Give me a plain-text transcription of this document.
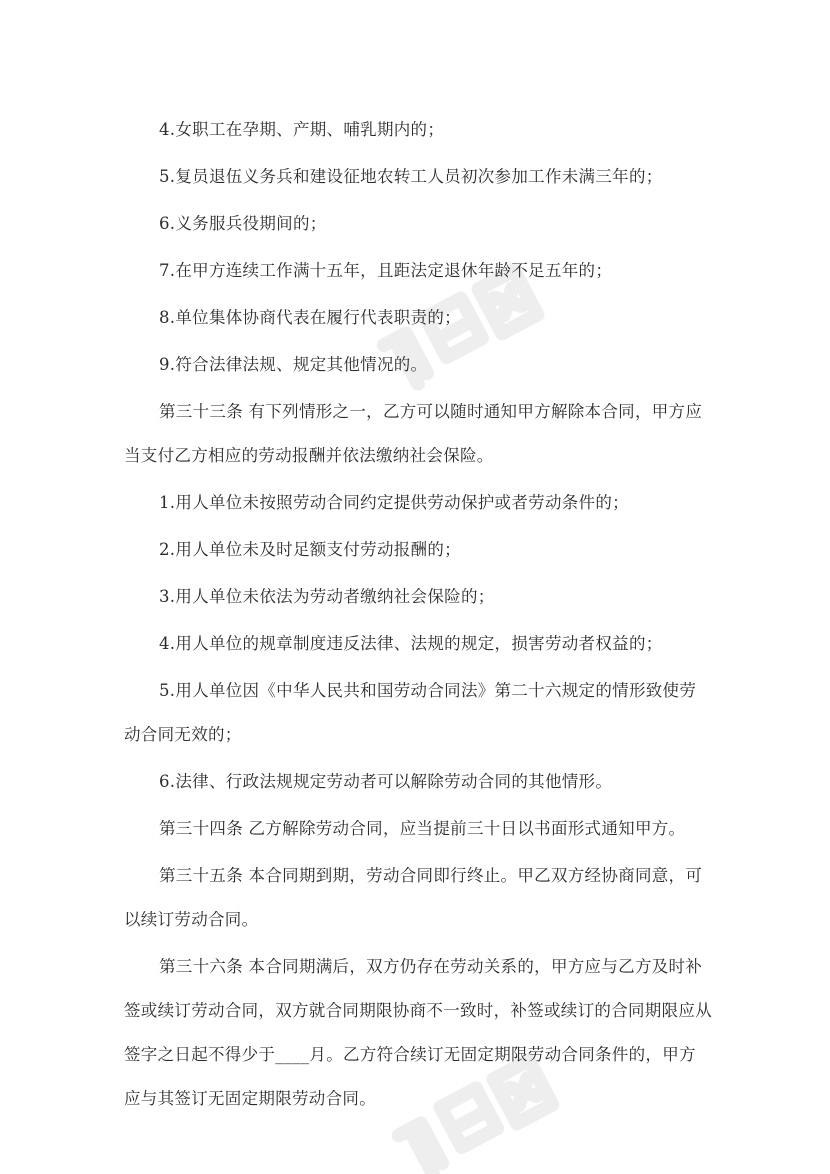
4.女职工在孕期、产期、哺乳期内的；

5.复员退伍义务兵和建设征地农转工人员初次参加工作未满三年的；

6.义务服兵役期间的；

7.在甲方连续工作满十五年，且距法定退休年龄不足五年的；

8.单位集体协商代表在履行代表职责的；

9.符合法律法规、规定其他情况的。

第三十三条 有下列情形之一，乙方可以随时通知甲方解除本合同，甲方应当支付乙方相应的劳动报酬并依法缴纳社会保险。

1.用人单位未按照劳动合同约定提供劳动保护或者劳动条件的；

2.用人单位未及时足额支付劳动报酬的；

3.用人单位未依法为劳动者缴纳社会保险的；

4.用人单位的规章制度违反法律、法规的规定，损害劳动者权益的；

5.用人单位因《中华人民共和国劳动合同法》第二十六规定的情形致使劳动合同无效的；

6.法律、行政法规规定劳动者可以解除劳动合同的其他情形。

第三十四条 乙方解除劳动合同，应当提前三十日以书面形式通知甲方。

第三十五条 本合同期到期，劳动合同即行终止。甲乙双方经协商同意，可以续订劳动合同。

第三十六条 本合同期满后，双方仍存在劳动关系的，甲方应与乙方及时补签或续订劳动合同，双方就合同期限协商不一致时，补签或续订的合同期限应从签字之日起不得少于____月。乙方符合续订无固定期限劳动合同条件的，甲方应与其签订无固定期限劳动合同。
